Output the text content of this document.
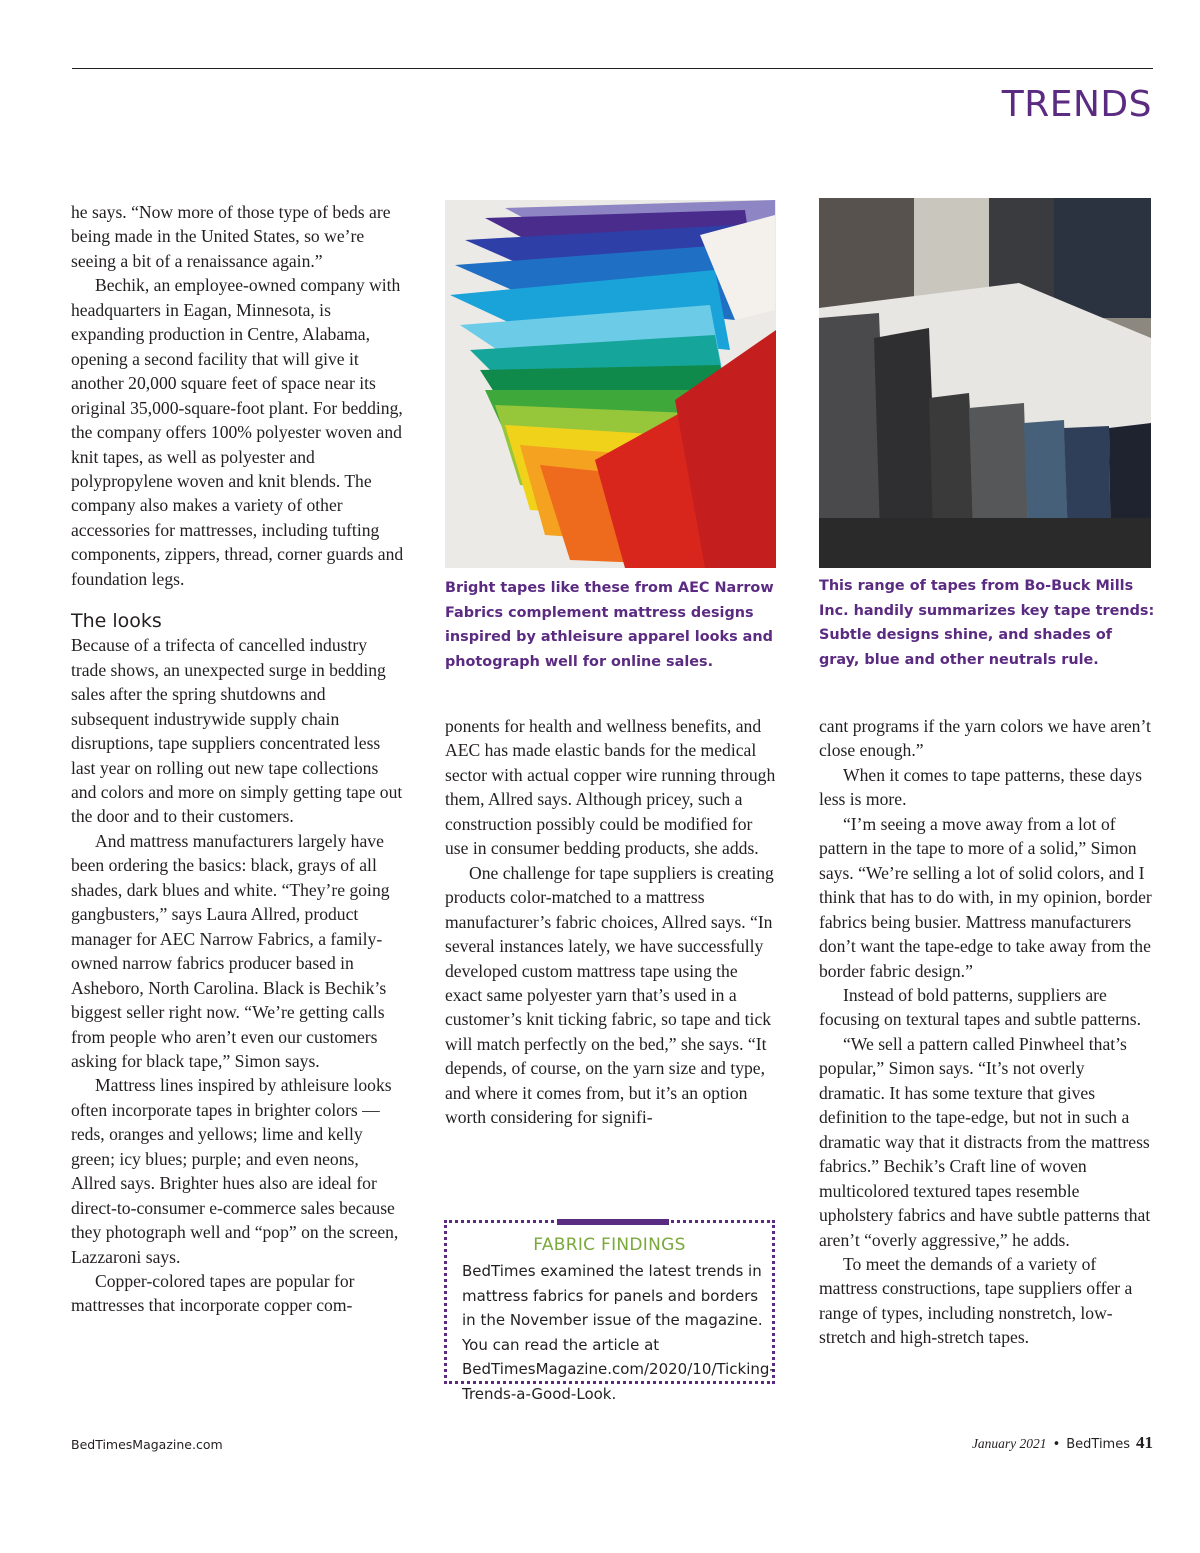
TRENDS

he says. “Now more of those type of beds are being made in the United States, so we’re seeing a bit of a renaissance again.”

Bechik, an employee-owned company with headquarters in Eagan, Minnesota, is expanding production in Centre, Alabama, opening a second facility that will give it another 20,000 square feet of space near its original 35,000-square-foot plant. For bedding, the company offers 100% polyester woven and knit tapes, as well as polyester and polypropylene woven and knit blends. The company also makes a variety of other accessories for mattresses, including tufting components, zippers, thread, corner guards and foundation legs.

The looks

Because of a trifecta of cancelled industry trade shows, an unexpected surge in bedding sales after the spring shutdowns and subsequent industrywide supply chain disruptions, tape suppliers concentrated less last year on rolling out new tape collections and colors and more on simply getting tape out the door and to their customers.

And mattress manufacturers largely have been ordering the basics: black, grays of all shades, dark blues and white. “They’re going gangbusters,” says Laura Allred, product manager for AEC Narrow Fabrics, a family-owned narrow fabrics producer based in Asheboro, North Carolina. Black is Bechik’s biggest seller right now. “We’re getting calls from people who aren’t even our customers asking for black tape,” Simon says.

Mattress lines inspired by athleisure looks often incorporate tapes in brighter colors — reds, oranges and yellows; lime and kelly green; icy blues; purple; and even neons, Allred says. Brighter hues also are ideal for direct-to-consumer e-commerce sales because they photograph well and “pop” on the screen, Lazzaroni says.

Copper-colored tapes are popular for mattresses that incorporate copper com-

Bright tapes like these from AEC Narrow Fabrics complement mattress designs inspired by athleisure apparel looks and photograph well for online sales.
This range of tapes from Bo-Buck Mills Inc. handily summarizes key tape trends: Subtle designs shine, and shades of gray, blue and other neutrals rule.

ponents for health and wellness benefits, and AEC has made elastic bands for the medical sector with actual copper wire running through them, Allred says. Although pricey, such a construction possibly could be modified for use in consumer bedding products, she adds.

One challenge for tape suppliers is creating products color-matched to a mattress manufacturer’s fabric choices, Allred says. “In several instances lately, we have successfully developed custom mattress tape using the exact same polyester yarn that’s used in a customer’s knit ticking fabric, so tape and tick will match perfectly on the bed,” she says. “It depends, of course, on the yarn size and type, and where it comes from, but it’s an option worth considering for signifi-

FABRIC FINDINGS
BedTimes examined the latest trends in mattress fabrics for panels and borders in the November issue of the magazine. You can read the article at BedTimesMagazine.com/2020/10/Ticking-Trends-a-Good-Look.

cant programs if the yarn colors we have aren’t close enough.”

When it comes to tape patterns, these days less is more.

“I’m seeing a move away from a lot of pattern in the tape to more of a solid,” Simon says. “We’re selling a lot of solid colors, and I think that has to do with, in my opinion, border fabrics being busier. Mattress manufacturers don’t want the tape-edge to take away from the border fabric design.”

Instead of bold patterns, suppliers are focusing on textural tapes and subtle patterns.

“We sell a pattern called Pinwheel that’s popular,” Simon says. “It’s not overly dramatic. It has some texture that gives definition to the tape-edge, but not in such a dramatic way that it distracts from the mattress fabrics.” Bechik’s Craft line of woven multicolored textured tapes resemble upholstery fabrics and have subtle patterns that aren’t “overly aggressive,” he adds.

To meet the demands of a variety of mattress constructions, tape suppliers offer a range of types, including nonstretch, low-stretch and high-stretch tapes.

BedTimesMagazine.com	January 2021 • BedTimes 41
